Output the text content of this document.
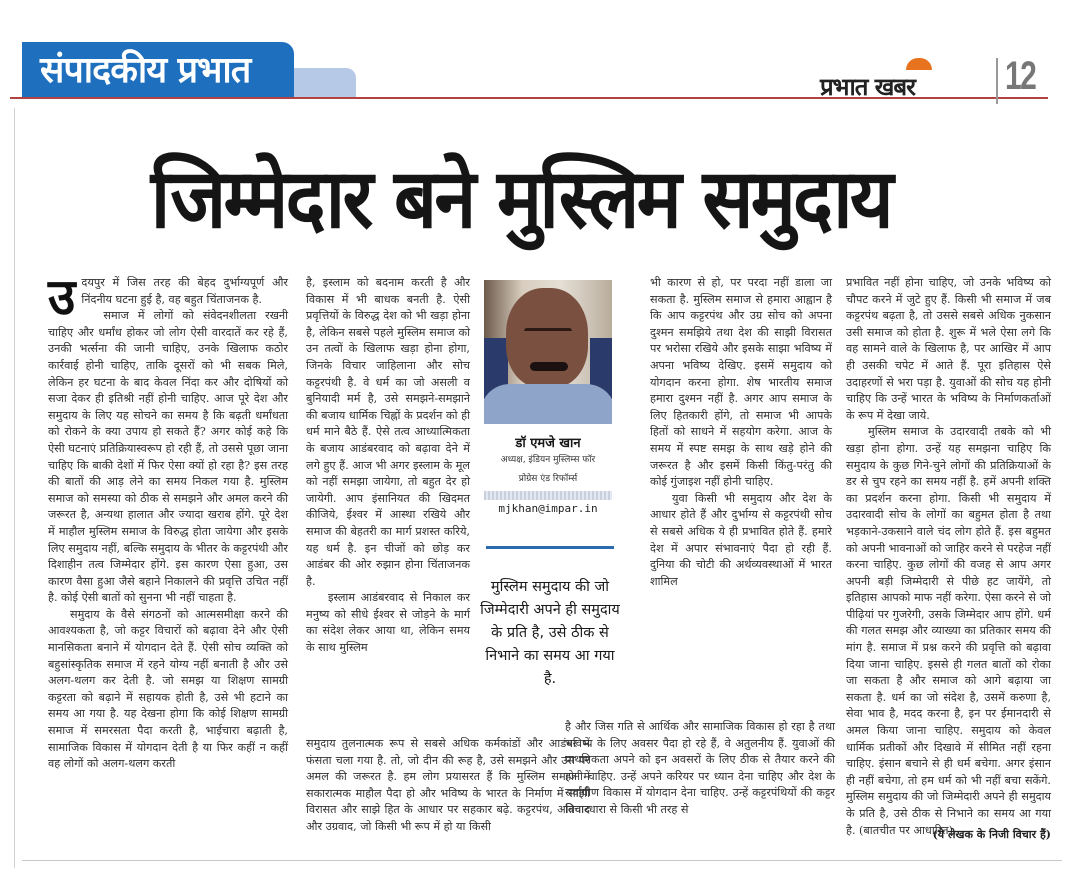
संपादकीय प्रभात	प्रभात खबर 12
जिम्मेदार बने मुस्लिम समुदाय

उदयपुर में जिस तरह की बेहद दुर्भाग्यपूर्ण और निंदनीय घटना हुई है, वह बहुत चिंताजनक है.

समाज में लोगों को संवेदनशीलता रखनी चाहिए और धर्मांध होकर जो लोग ऐसी वारदातें कर रहे हैं, उनकी भर्त्सना की जानी चाहिए, उनके खिलाफ कठोर कार्रवाई होनी चाहिए, ताकि दूसरों को भी सबक मिले, लेकिन हर घटना के बाद केवल निंदा कर और दोषियों को सजा देकर ही इतिश्री नहीं होनी चाहिए. आज पूरे देश और समुदाय के लिए यह सोचने का समय है कि बढ़ती धर्मांधता को रोकने के क्या उपाय हो सकते हैं? अगर कोई कहे कि ऐसी घटनाएं प्रतिक्रियास्वरूप हो रही हैं, तो उससे पूछा जाना चाहिए कि बाकी देशों में फिर ऐसा क्यों हो रहा है? इस तरह की बातों की आड़ लेने का समय निकल गया है. मुस्लिम समाज को समस्या को ठीक से समझने और अमल करने की जरूरत है, अन्यथा हालात और ज्यादा खराब होंगे. पूरे देश में माहौल मुस्लिम समाज के विरुद्ध होता जायेगा और इसके लिए समुदाय नहीं, बल्कि समुदाय के भीतर के कट्टरपंथी और दिशाहीन तत्व जिम्मेदार होंगे. इस कारण ऐसा हुआ, उस कारण वैसा हुआ जैसे बहाने निकालने की प्रवृत्ति उचित नहीं है. कोई ऐसी बातों को सुनना भी नहीं चाहता है.

समुदाय के वैसे संगठनों को आत्मसमीक्षा करने की आवश्यकता है, जो कट्टर विचारों को बढ़ावा देने और ऐसी मानसिकता बनाने में योगदान देते हैं. ऐसी सोच व्यक्ति को बहुसांस्कृतिक समाज में रहने योग्य नहीं बनाती है और उसे अलग-थलग कर देती है. जो समझ या शिक्षण सामग्री कट्टरता को बढ़ाने में सहायक होती है, उसे भी हटाने का समय आ गया है. यह देखना होगा कि कोई शिक्षण सामग्री समाज में समरसता पैदा करती है, भाईचारा बढ़ाती है, सामाजिक विकास में योगदान देती है या फिर कहीं न कहीं वह लोगों को अलग-थलग करती

है, इस्लाम को बदनाम करती है और विकास में भी बाधक बनती है. ऐसी प्रवृत्तियों के विरुद्ध देश को भी खड़ा होना है, लेकिन सबसे पहले मुस्लिम समाज को उन तत्वों के खिलाफ खड़ा होना होगा, जिनके विचार जाहिलाना और सोच कट्टरपंथी है. वे धर्म का जो असली व बुनियादी मर्म है, उसे समझने-समझाने की बजाय धार्मिक चिह्नों के प्रदर्शन को ही धर्म माने बैठे हैं. ऐसे तत्व आध्यात्मिकता के बजाय आडंबरवाद को बढ़ावा देने में लगे हुए हैं. आज भी अगर इस्लाम के मूल को नहीं समझा जायेगा, तो बहुत देर हो जायेगी. आप इंसानियत की खिदमत कीजिये, ईश्वर में आस्था रखिये और समाज की बेहतरी का मार्ग प्रशस्त करिये, यह धर्म है. इन चीजों को छोड़ कर आडंबर की ओर रुझान होना चिंताजनक है.

इस्लाम आडंबरवाद से निकाल कर मनुष्य को सीधे ईश्वर से जोड़ने के मार्ग का संदेश लेकर आया था, लेकिन समय के साथ मुस्लिम

समुदाय तुलनात्मक रूप से सबसे अधिक कर्मकांडों और आडंबर में फंसता चला गया है. तो, जो दीन की रूह है, उसे समझने और उस पर अमल की जरूरत है. हम लोग प्रयासरत हैं कि मुस्लिम समाज में सकारात्मक माहौल पैदा हो और भविष्य के भारत के निर्माण में साझी विरासत और साझे हित के आधार पर सहकार बढ़े. कट्टरपंथ, अतिवाद और उग्रवाद, जो किसी भी रूप में हो या किसी

डॉ एमजे खान
अध्यक्ष, इंडियन मुस्लिम्स फॉर
प्रोग्रेस एंड रिफॉर्म्स
mjkhan@impar.in
मुस्लिम समुदाय की जो जिम्मेदारी अपने ही समुदाय के प्रति है, उसे ठीक से निभाने का समय आ गया है.

भी कारण से हो, पर परदा नहीं डाला जा सकता है. मुस्लिम समाज से हमारा आह्वान है कि आप कट्टरपंथ और उग्र सोच को अपना दुश्मन समझिये तथा देश की साझी विरासत पर भरोसा रखिये और इसके साझा भविष्य में अपना भविष्य देखिए. इसमें समुदाय को योगदान करना होगा. शेष भारतीय समाज हमारा दुश्मन नहीं है. अगर आप समाज के लिए हितकारी होंगे, तो समाज भी आपके हितों को साधने में सहयोग करेगा. आज के समय में स्पष्ट समझ के साथ खड़े होने की जरूरत है और इसमें किसी किंतु-परंतु की कोई गुंजाइश नहीं होनी चाहिए.

युवा किसी भी समुदाय और देश के आधार होते हैं और दुर्भाग्य से कट्टरपंथी सोच से सबसे अधिक ये ही प्रभावित होते हैं. हमारे देश में अपार संभावनाएं पैदा हो रही हैं. दुनिया की चोटी की अर्थव्यवस्थाओं में भारत शामिल

है और जिस गति से आर्थिक और सामाजिक विकास हो रहा है तथा भविष्य के लिए अवसर पैदा हो रहे हैं, वे अतुलनीय हैं. युवाओं की प्राथमिकता अपने को इन अवसरों के लिए ठीक से तैयार करने की होनी चाहिए. उन्हें अपने करियर पर ध्यान देना चाहिए और देश के सर्वांगीण विकास में योगदान देना चाहिए. उन्हें कट्टरपंथियों की कट्टर विचारधारा से किसी भी तरह से

प्रभावित नहीं होना चाहिए, जो उनके भविष्य को चौपट करने में जुटे हुए हैं. किसी भी समाज में जब कट्टरपंथ बढ़ता है, तो उससे सबसे अधिक नुकसान उसी समाज को होता है. शुरू में भले ऐसा लगे कि वह सामने वाले के खिलाफ है, पर आखिर में आप ही उसकी चपेट में आते हैं. पूरा इतिहास ऐसे उदाहरणों से भरा पड़ा है. युवाओं की सोच यह होनी चाहिए कि उन्हें भारत के भविष्य के निर्माणकर्ताओं के रूप में देखा जाये.

मुस्लिम समाज के उदारवादी तबके को भी खड़ा होना होगा. उन्हें यह समझना चाहिए कि समुदाय के कुछ गिने-चुने लोगों की प्रतिक्रियाओं के डर से चुप रहने का समय नहीं है. हमें अपनी शक्ति का प्रदर्शन करना होगा. किसी भी समुदाय में उदारवादी सोच के लोगों का बहुमत होता है तथा भड़काने-उकसाने वाले चंद लोग होते हैं. इस बहुमत को अपनी भावनाओं को जाहिर करने से परहेज नहीं करना चाहिए. कुछ लोगों की वजह से आप अगर अपनी बड़ी जिम्मेदारी से पीछे हट जायेंगे, तो इतिहास आपको माफ नहीं करेगा. ऐसा करने से जो पीढ़ियां पर गुजरेगी, उसके जिम्मेदार आप होंगे. धर्म की गलत समझ और व्याख्या का प्रतिकार समय की मांग है. समाज में प्रश्न करने की प्रवृत्ति को बढ़ावा दिया जाना चाहिए. इससे ही गलत बातों को रोका जा सकता है और समाज को आगे बढ़ाया जा सकता है. धर्म का जो संदेश है, उसमें करुणा है, सेवा भाव है, मदद करना है, इन पर ईमानदारी से अमल किया जाना चाहिए. समुदाय को केवल धार्मिक प्रतीकों और दिखावे में सीमित नहीं रहना चाहिए. इंसान बचाने से ही धर्म बचेगा. अगर इंसान ही नहीं बचेगा, तो हम धर्म को भी नहीं बचा सकेंगे. मुस्लिम समुदाय की जो जिम्मेदारी अपने ही समुदाय के प्रति है, उसे ठीक से निभाने का समय आ गया है. (बातचीत पर आधारित).

(ये लेखक के निजी विचार हैं)
